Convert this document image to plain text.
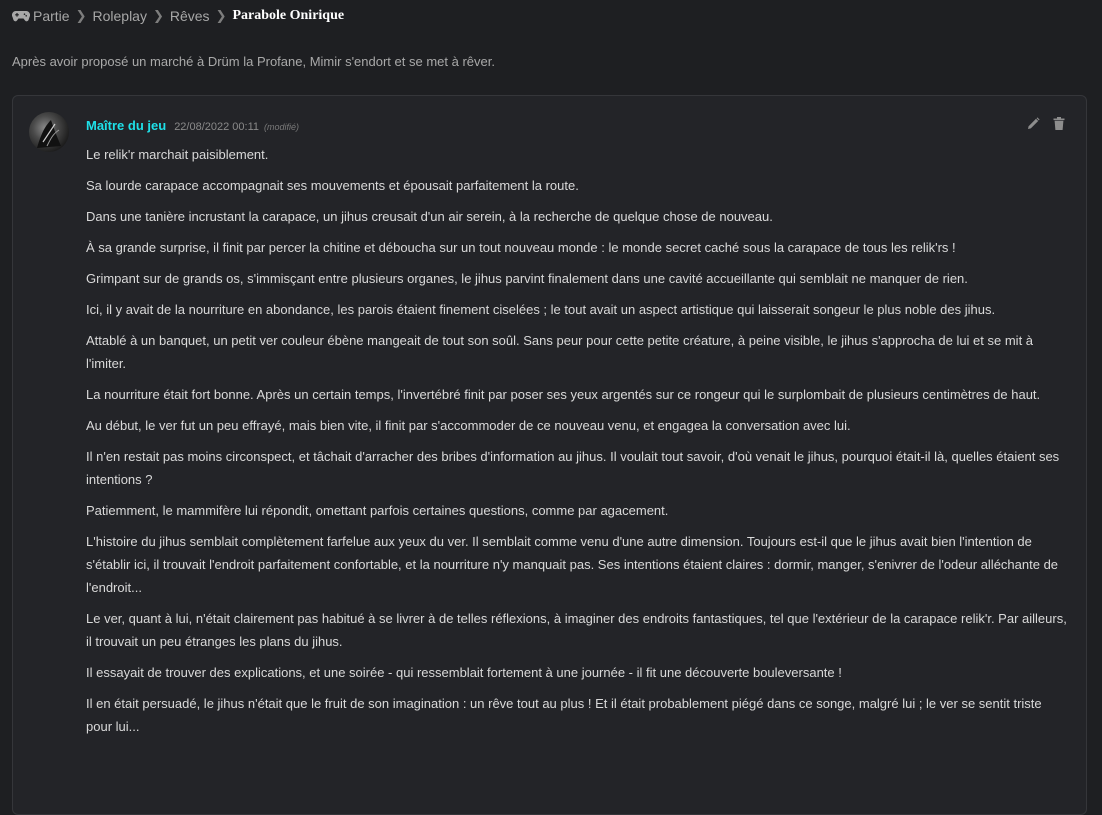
Partie ❯ Roleplay ❯ Rêves ❯ Parabole Onirique
Après avoir proposé un marché à Drüm la Profane, Mimir s'endort et se met à rêver.
Maître du jeu 22/08/2022 00:11 (modifié)

Le relik'r marchait paisiblement.

Sa lourde carapace accompagnait ses mouvements et épousait parfaitement la route.

Dans une tanière incrustant la carapace, un jihus creusait d'un air serein, à la recherche de quelque chose de nouveau.

À sa grande surprise, il finit par percer la chitine et déboucha sur un tout nouveau monde : le monde secret caché sous la carapace de tous les relik'rs !

Grimpant sur de grands os, s'immisçant entre plusieurs organes, le jihus parvint finalement dans une cavité accueillante qui semblait ne manquer de rien.

Ici, il y avait de la nourriture en abondance, les parois étaient finement ciselées ; le tout avait un aspect artistique qui laisserait songeur le plus noble des jihus.

Attablé à un banquet, un petit ver couleur ébène mangeait de tout son soûl. Sans peur pour cette petite créature, à peine visible, le jihus s'approcha de lui et se mit à l'imiter.

La nourriture était fort bonne. Après un certain temps, l'invertébré finit par poser ses yeux argentés sur ce rongeur qui le surplombait de plusieurs centimètres de haut.

Au début, le ver fut un peu effrayé, mais bien vite, il finit par s'accommoder de ce nouveau venu, et engagea la conversation avec lui.

Il n'en restait pas moins circonspect, et tâchait d'arracher des bribes d'information au jihus. Il voulait tout savoir, d'où venait le jihus, pourquoi était-il là, quelles étaient ses intentions ?

Patiemment, le mammifère lui répondit, omettant parfois certaines questions, comme par agacement.

L'histoire du jihus semblait complètement farfelue aux yeux du ver. Il semblait comme venu d'une autre dimension. Toujours est-il que le jihus avait bien l'intention de s'établir ici, il trouvait l'endroit parfaitement confortable, et la nourriture n'y manquait pas. Ses intentions étaient claires : dormir, manger, s'enivrer de l'odeur alléchante de l'endroit...

Le ver, quant à lui, n'était clairement pas habitué à se livrer à de telles réflexions, à imaginer des endroits fantastiques, tel que l'extérieur de la carapace relik'r. Par ailleurs, il trouvait un peu étranges les plans du jihus.

Il essayait de trouver des explications, et une soirée - qui ressemblait fortement à une journée - il fit une découverte bouleversante !

Il en était persuadé, le jihus n'était que le fruit de son imagination : un rêve tout au plus ! Et il était probablement piégé dans ce songe, malgré lui ; le ver se sentit triste pour lui...
